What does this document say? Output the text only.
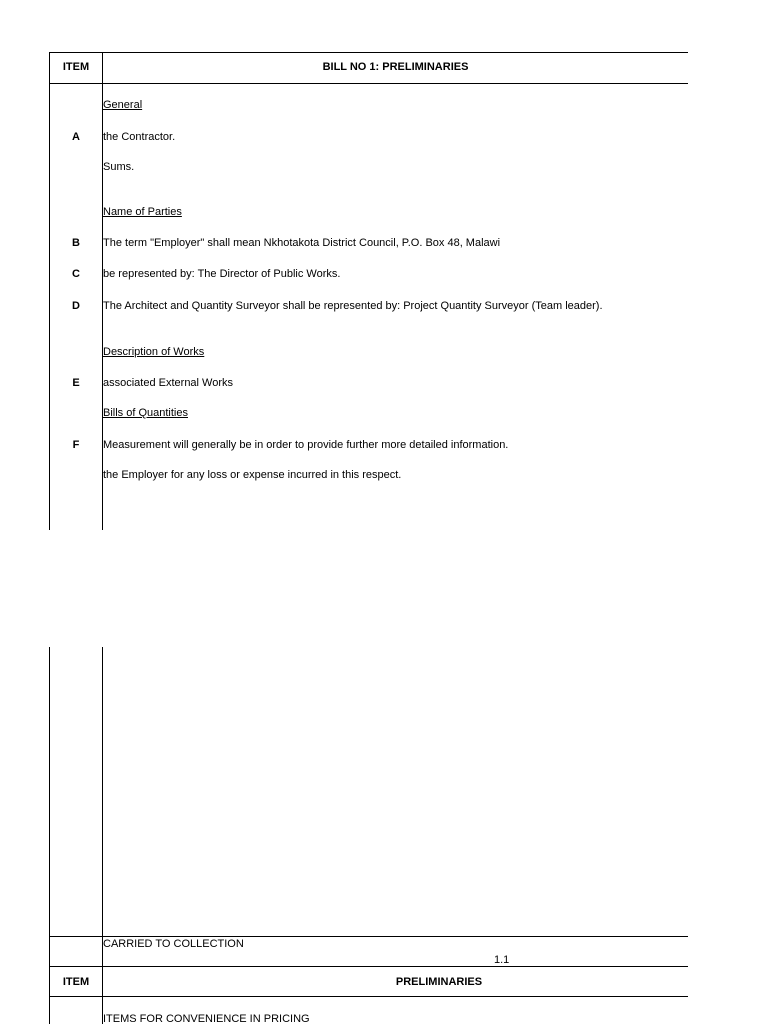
ITEM	BILL NO 1: PRELIMINARIES
General
A	the Contractor.
Sums.
Name of Parties
B	The term "Employer" shall mean Nkhotakota District Council, P.O. Box 48, Malawi
C	be represented by: The Director of Public Works.
D	The Architect and Quantity Surveyor shall be represented by: Project Quantity Surveyor (Team leader).
Description of Works
E	associated External Works
Bills of Quantities
F	Measurement will generally be in order to provide further more detailed information.
the Employer for any loss or expense incurred in this respect.
CARRIED TO COLLECTION
1.1
ITEM	PRELIMINARIES
ITEMS FOR CONVENIENCE IN PRICING
